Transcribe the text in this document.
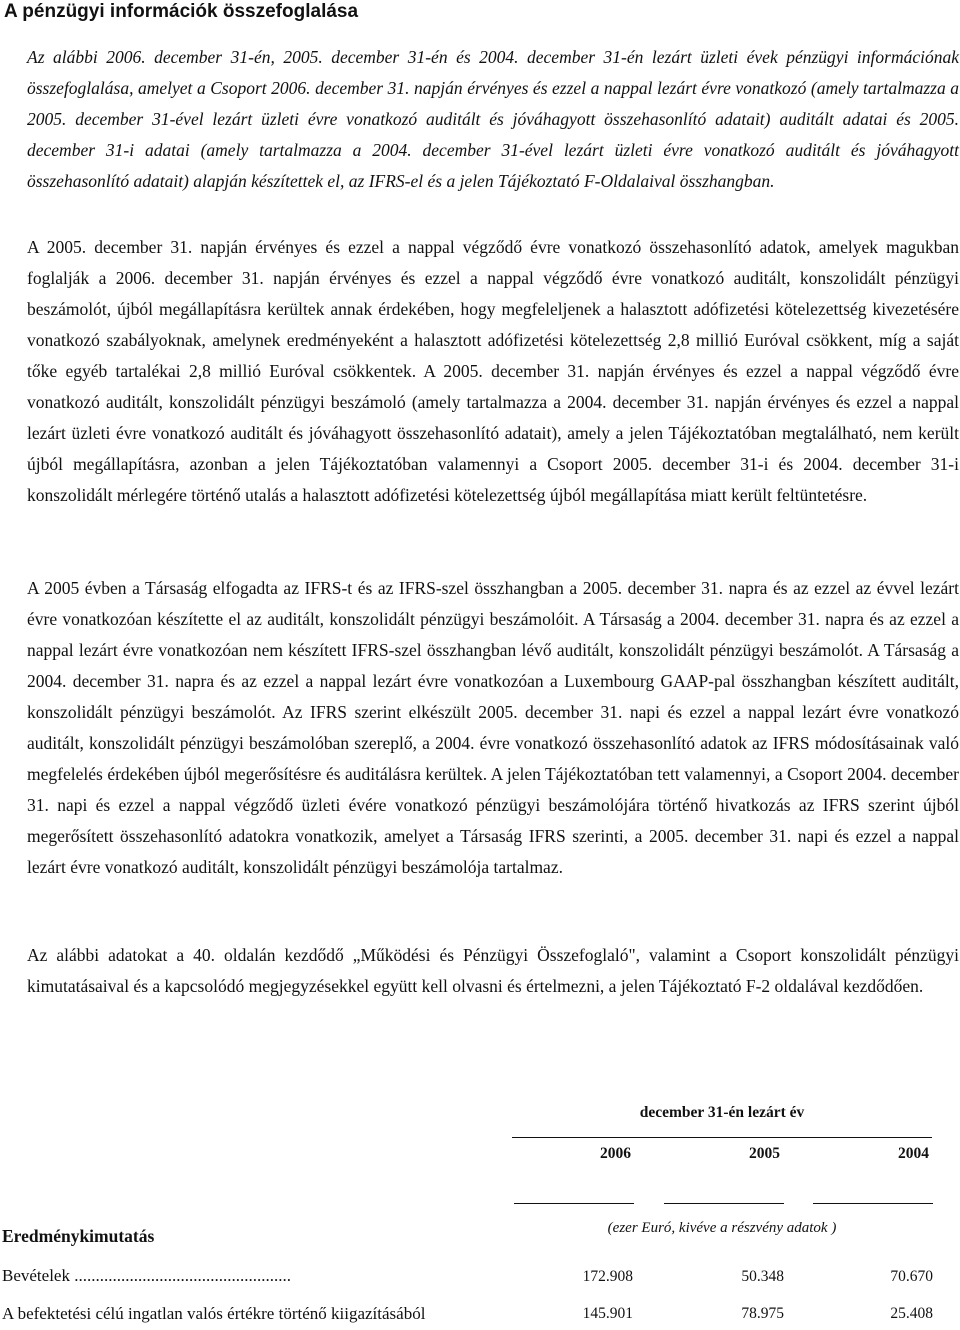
A pénzügyi információk összefoglalása

Az alábbi 2006. december 31-én, 2005. december 31-én és 2004. december 31-én lezárt üzleti évek pénzügyi információnak összefoglalása, amelyet a Csoport 2006. december 31. napján érvényes és ezzel a nappal lezárt évre vonatkozó (amely tartalmazza a 2005. december 31-ével lezárt üzleti évre vonatkozó auditált és jóváhagyott összehasonlító adatait) auditált adatai és 2005. december 31-i adatai (amely tartalmazza a 2004. december 31-ével lezárt üzleti évre vonatkozó auditált és jóváhagyott összehasonlító adatait) alapján készítettek el, az IFRS-el és a jelen Tájékoztató F-Oldalaival összhangban.

A 2005. december 31. napján érvényes és ezzel a nappal végződő évre vonatkozó összehasonlító adatok, amelyek magukban foglalják a 2006. december 31. napján érvényes és ezzel a nappal végződő évre vonatkozó auditált, konszolidált pénzügyi beszámolót, újból megállapításra kerültek annak érdekében, hogy megfeleljenek a halasztott adófizetési kötelezettség kivezetésére vonatkozó szabályoknak, amelynek eredményeként a halasztott adófizetési kötelezettség 2,8 millió Euróval csökkent, míg a saját tőke egyéb tartalékai 2,8 millió Euróval csökkentek. A 2005. december 31. napján érvényes és ezzel a nappal végződő évre vonatkozó auditált, konszolidált pénzügyi beszámoló (amely tartalmazza a 2004. december 31. napján érvényes és ezzel a nappal lezárt üzleti évre vonatkozó auditált és jóváhagyott összehasonlító adatait), amely a jelen Tájékoztatóban megtalálható, nem került újból megállapításra, azonban a jelen Tájékoztatóban valamennyi a Csoport 2005. december 31-i és 2004. december 31-i konszolidált mérlegére történő utalás a halasztott adófizetési kötelezettség újból megállapítása miatt került feltüntetésre.

A 2005 évben a Társaság elfogadta az IFRS-t és az IFRS-szel összhangban a 2005. december 31. napra és az ezzel az évvel lezárt évre vonatkozóan készítette el az auditált, konszolidált pénzügyi beszámolóit. A Társaság a 2004. december 31. napra és az ezzel a nappal lezárt évre vonatkozóan nem készített IFRS-szel összhangban lévő auditált, konszolidált pénzügyi beszámolót. A Társaság a 2004. december 31. napra és az ezzel a nappal lezárt évre vonatkozóan a Luxembourg GAAP-pal összhangban készített auditált, konszolidált pénzügyi beszámolót. Az IFRS szerint elkészült 2005. december 31. napi és ezzel a nappal lezárt évre vonatkozó auditált, konszolidált pénzügyi beszámolóban szereplő, a 2004. évre vonatkozó összehasonlító adatok az IFRS módosításainak való megfelelés érdekében újból megerősítésre és auditálásra kerültek. A jelen Tájékoztatóban tett valamennyi, a Csoport 2004. december 31. napi és ezzel a nappal végződő üzleti évére vonatkozó pénzügyi beszámolójára történő hivatkozás az IFRS szerint újból megerősített összehasonlító adatokra vonatkozik, amelyet a Társaság IFRS szerinti, a 2005. december 31. napi és ezzel a nappal lezárt évre vonatkozó auditált, konszolidált pénzügyi beszámolója tartalmaz.

Az alábbi adatokat a 40. oldalán kezdődő „Működési és Pénzügyi Összefoglaló", valamint a Csoport konszolidált pénzügyi kimutatásaival és a kapcsolódó megjegyzésekkel együtt kell olvasni és értelmezni, a jelen Tájékoztató F-2 oldalával kezdődően.

december 31-én lezárt év
2006	2005	2004
(ezer Euró, kivéve a részvény adatok )
Eredménykimutatás
Bevételek ...................................................	172.908	50.348	70.670
A befektetési célú ingatlan valós értékre történő kiigazításából	145.901	78.975	25.408
